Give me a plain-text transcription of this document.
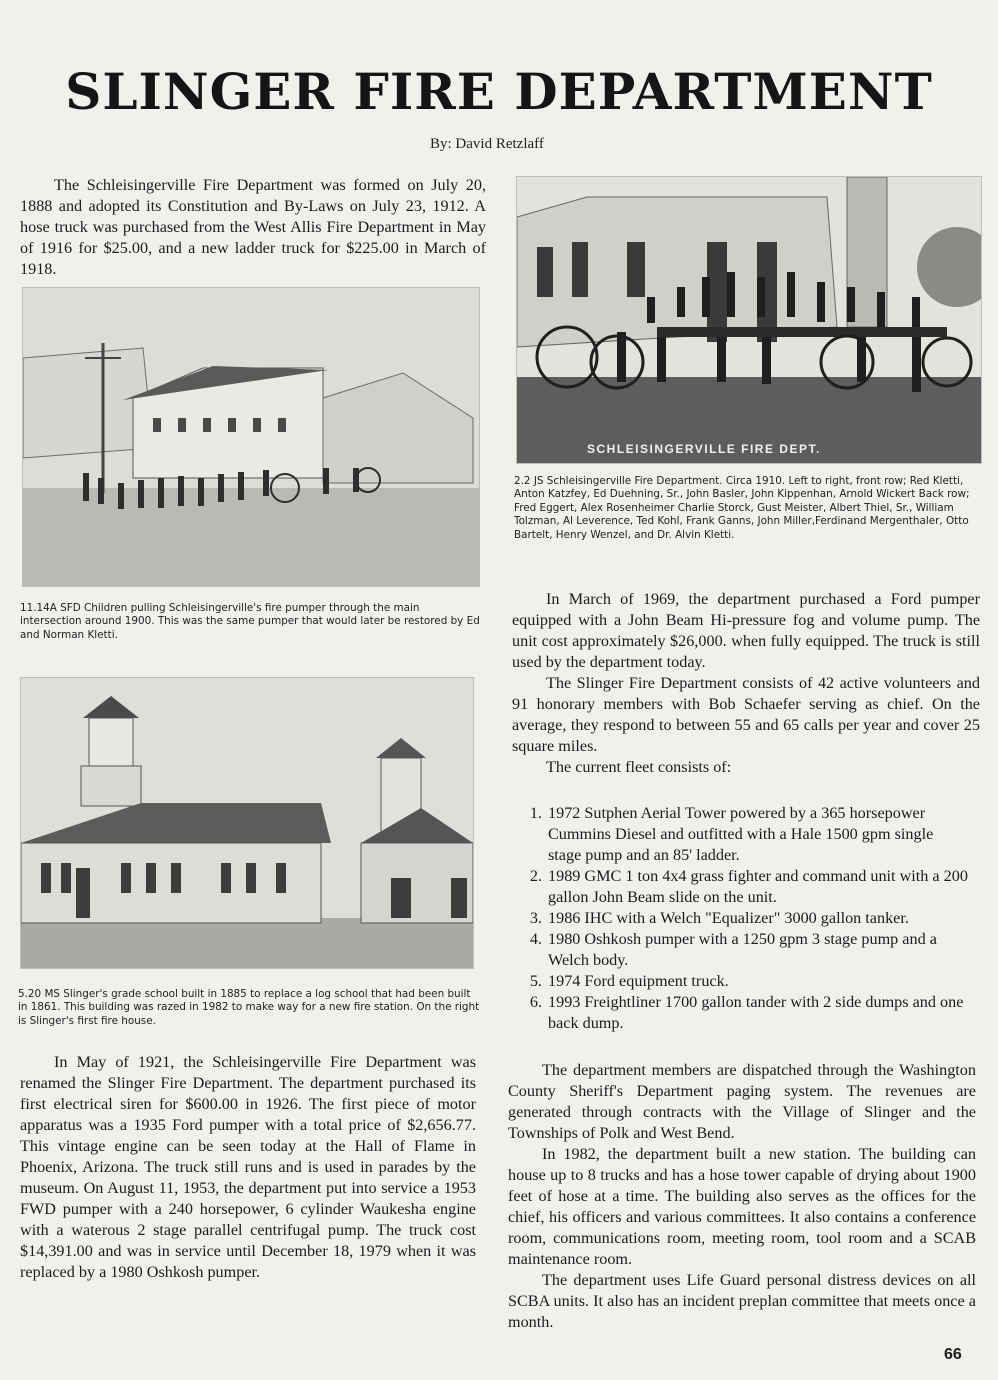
SLINGER FIRE DEPARTMENT
By: David Retzlaff

The Schleisingerville Fire Department was formed on July 20, 1888 and adopted its Constitution and By-Laws on July 23, 1912. A hose truck was purchased from the West Allis Fire Department in May of 1916 for $25.00, and a new ladder truck for $225.00 in March of 1918.

11.14A SFD Children pulling Schleisingerville's fire pumper through the main intersection around 1900. This was the same pumper that would later be restored by Ed and Norman Kletti.

5.20 MS Slinger's grade school built in 1885 to replace a log school that had been built in 1861. This building was razed in 1982 to make way for a new fire station. On the right is Slinger's first fire house.

In May of 1921, the Schleisingerville Fire Department was renamed the Slinger Fire Department. The department purchased its first electrical siren for $600.00 in 1926. The first piece of motor apparatus was a 1935 Ford pumper with a total price of $2,656.77. This vintage engine can be seen today at the Hall of Flame in Phoenix, Arizona. The truck still runs and is used in parades by the museum. On August 11, 1953, the department put into service a 1953 FWD pumper with a 240 horsepower, 6 cylinder Waukesha engine with a waterous 2 stage parallel centrifugal pump. The truck cost $14,391.00 and was in service until December 18, 1979 when it was replaced by a 1980 Oshkosh pumper.

SCHLEISINGERVILLE FIRE DEPT.

2.2 JS Schleisingerville Fire Department. Circa 1910. Left to right, front row; Red Kletti, Anton Katzfey, Ed Duehning, Sr., John Basler, John Kippenhan, Arnold Wickert Back row; Fred Eggert, Alex Rosenheimer Charlie Storck, Gust Meister, Albert Thiel, Sr., William Tolzman, Al Leverence, Ted Kohl, Frank Ganns, John Miller,Ferdinand Mergenthaler, Otto Bartelt, Henry Wenzel, and Dr. Alvin Kletti.

In March of 1969, the department purchased a Ford pumper equipped with a John Beam Hi-pressure fog and volume pump. The unit cost approximately $26,000. when fully equipped. The truck is still used by the department today.

The Slinger Fire Department consists of 42 active volunteers and 91 honorary members with Bob Schaefer serving as chief. On the average, they respond to between 55 and 65 calls per year and cover 25 square miles.

The current fleet consists of:

1. 1972 Sutphen Aerial Tower powered by a 365 horsepower Cummins Diesel and outfitted with a Hale 1500 gpm single stage pump and an 85' ladder.
2. 1989 GMC 1 ton 4x4 grass fighter and command unit with a 200 gallon John Beam slide on the unit.
3. 1986 IHC with a Welch "Equalizer" 3000 gallon tanker.
4. 1980 Oshkosh pumper with a 1250 gpm 3 stage pump and a Welch body.
5. 1974 Ford equipment truck.
6. 1993 Freightliner 1700 gallon tander with 2 side dumps and one back dump.

The department members are dispatched through the Washington County Sheriff's Department paging system. The revenues are generated through contracts with the Village of Slinger and the Townships of Polk and West Bend.

In 1982, the department built a new station. The building can house up to 8 trucks and has a hose tower capable of drying about 1900 feet of hose at a time. The building also serves as the offices for the chief, his officers and various committees. It also contains a conference room, communications room, meeting room, tool room and a SCAB maintenance room.

The department uses Life Guard personal distress devices on all SCBA units. It also has an incident preplan committee that meets once a month.

66
